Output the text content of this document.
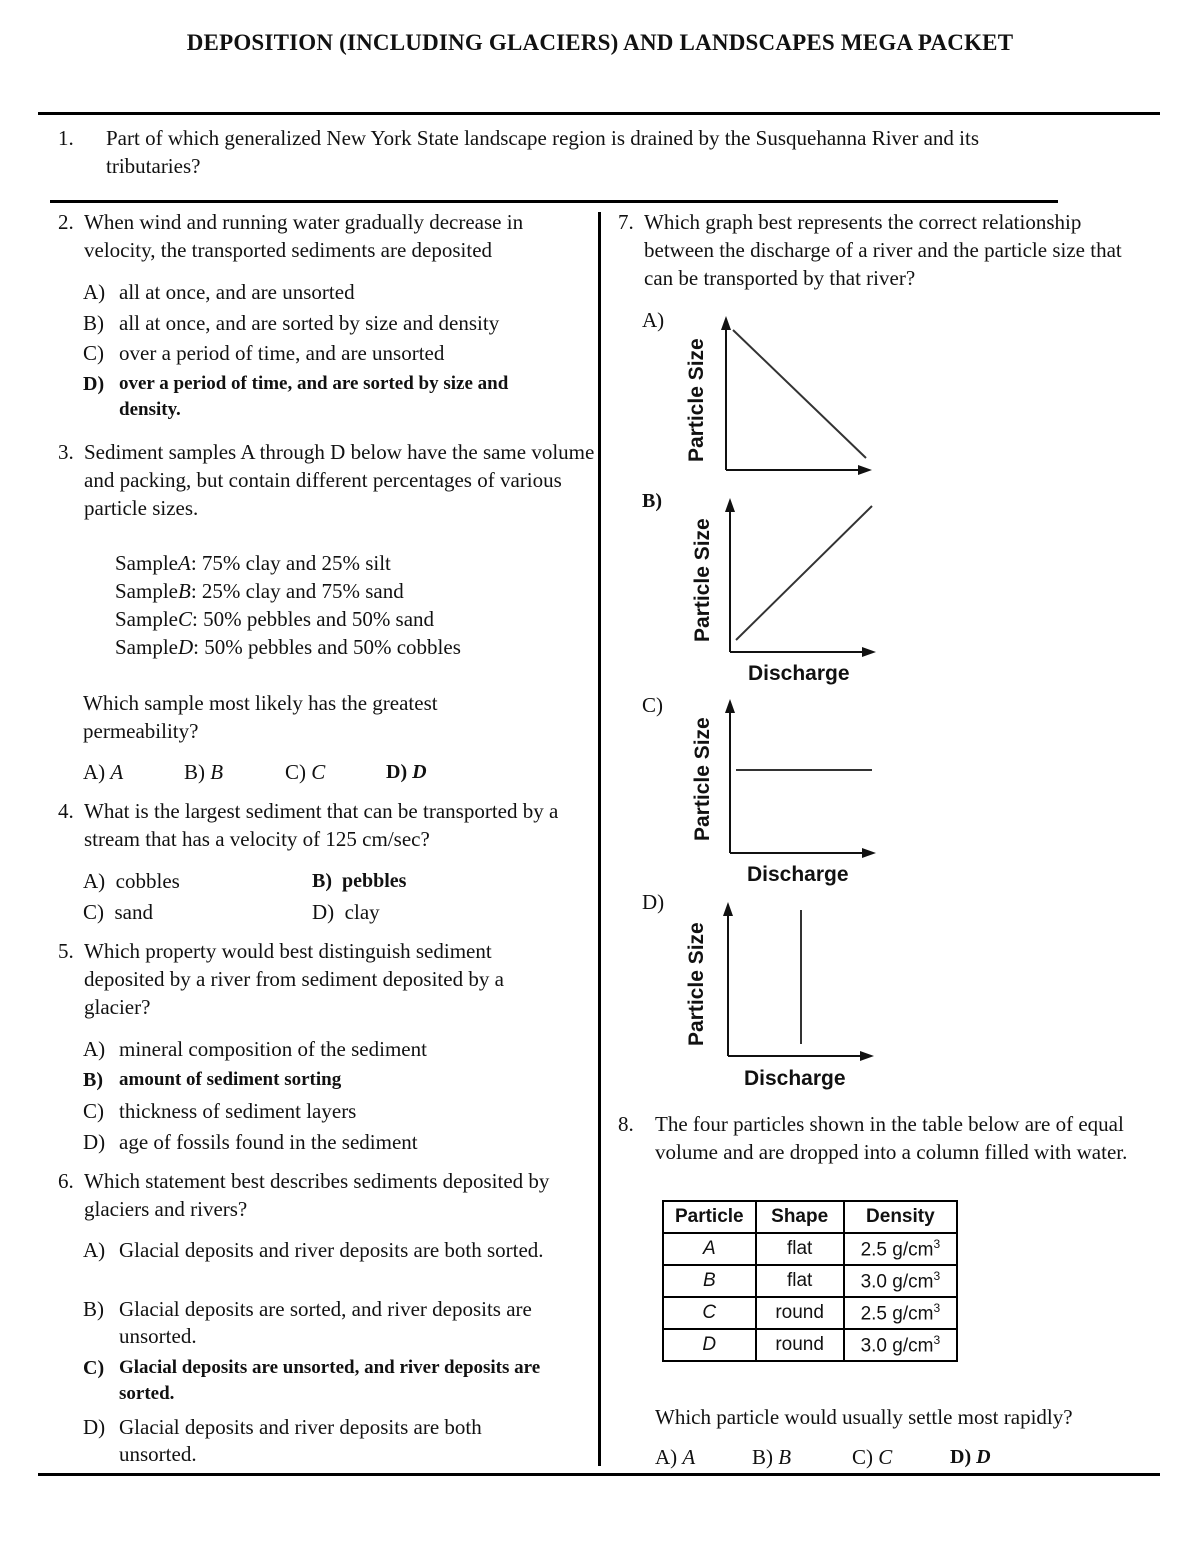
DEPOSITION (INCLUDING GLACIERS) AND LANDSCAPES MEGA PACKET
1. Part of which generalized New York State landscape region is drained by the Susquehanna River and its tributaries?
2. When wind and running water gradually decrease in velocity, the transported sediments are deposited
A) all at once, and are unsorted
B) all at once, and are sorted by size and density
C) over a period of time, and are unsorted
D) over a period of time, and are sorted by size and density.
3. Sediment samples A through D below have the same volume and packing, but contain different percentages of various particle sizes.
SampleA: 75% clay and 25% silt
SampleB: 25% clay and 75% sand
SampleC: 50% pebbles and 50% sand
SampleD: 50% pebbles and 50% cobbles
Which sample most likely has the greatest permeability?
A) A	B) B	C) C	D) D
4. What is the largest sediment that can be transported by a stream that has a velocity of 125 cm/sec?
A) cobbles	B) pebbles
C) sand	D) clay
5. Which property would best distinguish sediment deposited by a river from sediment deposited by a glacier?
A) mineral composition of the sediment
B) amount of sediment sorting
C) thickness of sediment layers
D) age of fossils found in the sediment
6. Which statement best describes sediments deposited by glaciers and rivers?
A) Glacial deposits and river deposits are both sorted.
B) Glacial deposits are sorted, and river deposits are unsorted.
C) Glacial deposits are unsorted, and river deposits are sorted.
D) Glacial deposits and river deposits are both unsorted.
7. Which graph best represents the correct relationship between the discharge of a river and the particle size that can be transported by that river?
A)
Particle Size
B)
Particle Size
Discharge
C)
Particle Size
Discharge
D)
Particle Size
Discharge
8. The four particles shown in the table below are of equal volume and are dropped into a column filled with water.
Particle	Shape	Density
A	flat	2.5 $g/cm^3$
B	flat	3.0 $g/cm^3$
C	round	2.5 $g/cm^3$
D	round	3.0 $g/cm^3$
Which particle would usually settle most rapidly?
A) A	B) B	C) C	D) D
